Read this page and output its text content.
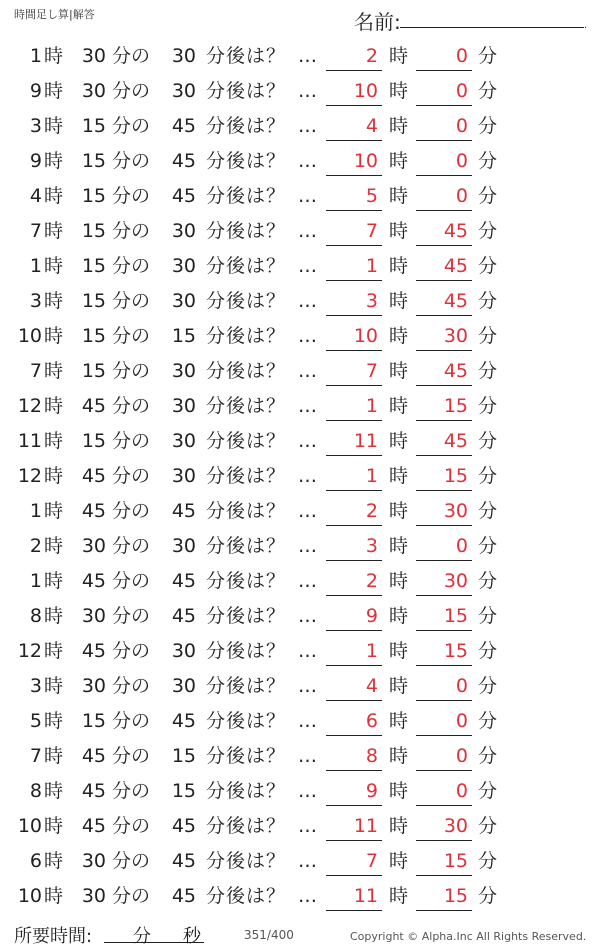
時間足し算|解答	名前:	.
1 時 30 分の	30 分後は？ …	2 時	0 分
9 時 30 分の	30 分後は？ …	10 時	0 分
3 時 15 分の	45 分後は？ …	4 時	0 分
9 時 15 分の	45 分後は？ …	10 時	0 分
4 時 15 分の	45 分後は？ …	5 時	0 分
7 時 15 分の	30 分後は？ …	7 時	45 分
1 時 15 分の	30 分後は？ …	1 時	45 分
3 時 15 分の	30 分後は？ …	3 時	45 分
10 時 15 分の	15 分後は？ …	10 時	30 分
7 時 15 分の	30 分後は？ …	7 時	45 分
12 時 45 分の	30 分後は？ …	1 時	15 分
11 時 15 分の	30 分後は？ …	11 時	45 分
12 時 45 分の	30 分後は？ …	1 時	15 分
1 時 45 分の	45 分後は？ …	2 時	30 分
2 時 30 分の	30 分後は？ …	3 時	0 分
1 時 45 分の	45 分後は？ …	2 時	30 分
8 時 30 分の	45 分後は？ …	9 時	15 分
12 時 45 分の	30 分後は？ …	1 時	15 分
3 時 30 分の	30 分後は？ …	4 時	0 分
5 時 15 分の	45 分後は？ …	6 時	0 分
7 時 45 分の	15 分後は？ …	8 時	0 分
8 時 45 分の	15 分後は？ …	9 時	0 分
10 時 45 分の	45 分後は？ …	11 時	30 分
6 時 30 分の	45 分後は？ …	7 時	15 分
10 時 30 分の	45 分後は？ …	11 時	15 分
所要時間: 分 秒	351/400	Copyright © Alpha.Inc All Rights Reserved.
